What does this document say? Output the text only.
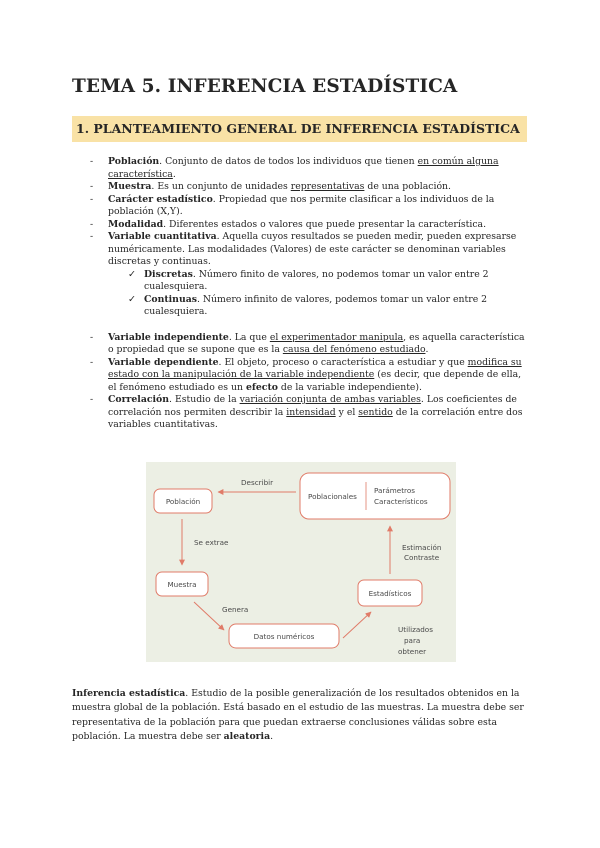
TEMA 5. INFERENCIA ESTADÍSTICA
1. PLANTEAMIENTO GENERAL DE INFERENCIA ESTADÍSTICA
- Población. Conjunto de datos de todos los individuos que tienen en común alguna característica.
- Muestra. Es un conjunto de unidades representativas de una población.
- Carácter estadístico. Propiedad que nos permite clasificar a los individuos de la población (X,Y).
- Modalidad. Diferentes estados o valores que puede presentar la característica.
- Variable cuantitativa. Aquella cuyos resultados se pueden medir, pueden expresarse numéricamente. Las modalidades (Valores) de este carácter se denominan variables discretas y continuas.
✓ Discretas. Número finito de valores, no podemos tomar un valor entre 2 cualesquiera.
✓ Continuas. Número infinito de valores, podemos tomar un valor entre 2 cualesquiera.
- Variable independiente. La que el experimentador manipula, es aquella característica o propiedad que se supone que es la causa del fenómeno estudiado.
- Variable dependiente. El objeto, proceso o característica a estudiar y que modifica su estado con la manipulación de la variable independiente (es decir, que depende de ella, el fenómeno estudiado es un efecto de la variable independiente).
- Correlación. Estudio de la variación conjunta de ambas variables. Los coeficientes de correlación nos permiten describir la intensidad y el sentido de la correlación entre dos variables cuantitativas.
Población
Describir
Poblacionales
Parámetros
Característicos
Se extrae
Estimación
Contraste
Muestra
Estadísticos
Genera
Datos numéricos
Utilizados
para
obtener

Inferencia estadística. Estudio de la posible generalización de los resultados obtenidos en la muestra global de la población. Está basado en el estudio de las muestras. La muestra debe ser representativa de la población para que puedan extraerse conclusiones válidas sobre esta población. La muestra debe ser aleatoria.
